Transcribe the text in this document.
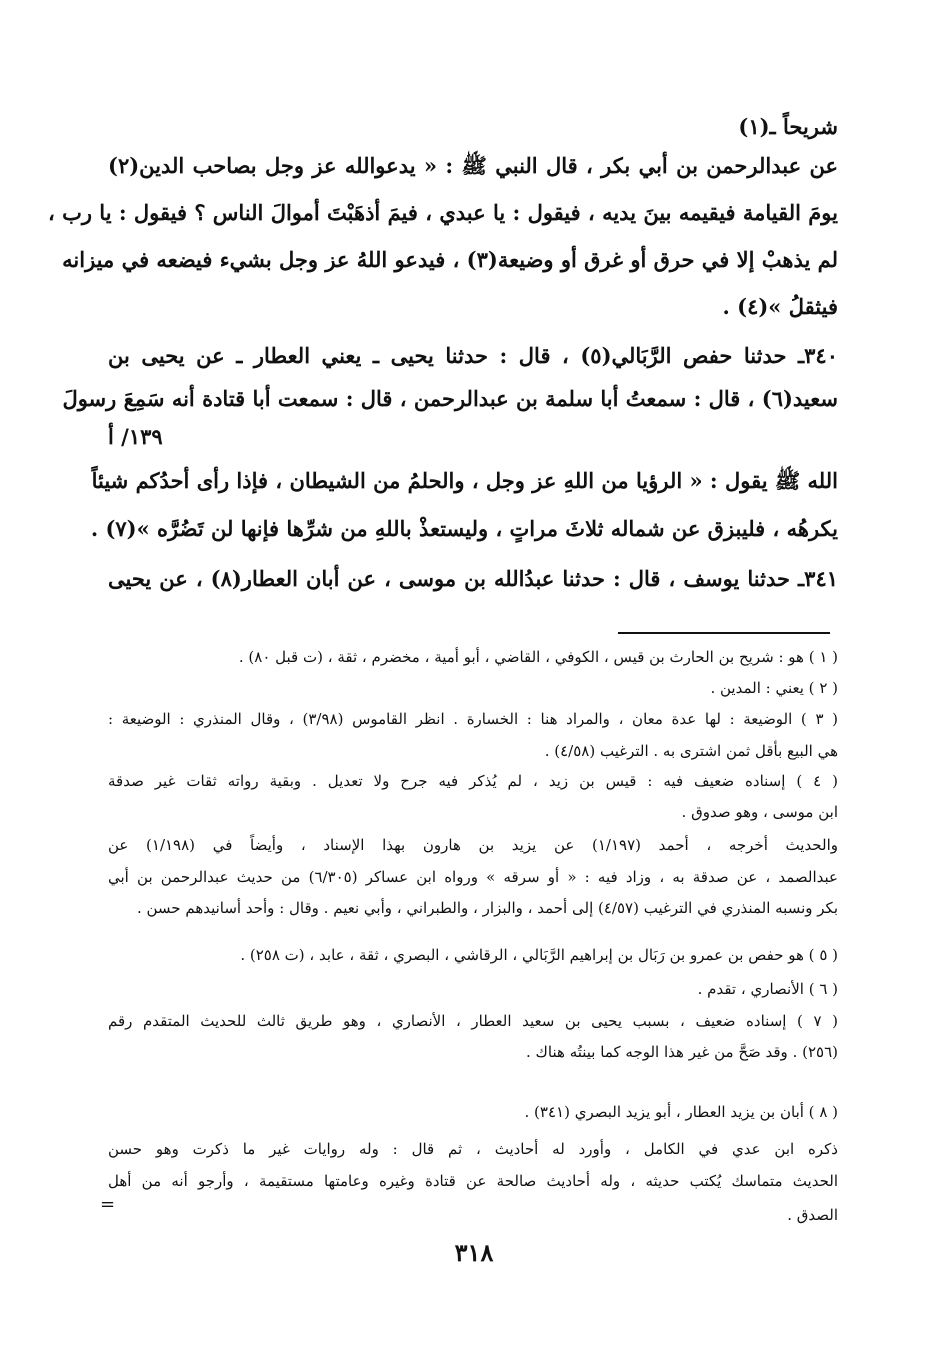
شريحاً ـ(١)
عن عبدالرحمن بن أبي بكر ، قال النبي ﷺ : « يدعوالله عز وجل بصاحب الدين(٢)
يومَ القيامة فيقيمه بينَ يديه ، فيقول : يا عبدي ، فيمَ أذهَبْتَ أموالَ الناس ؟ فيقول : يا رب ،
لم يذهبْ إلا في حرق أو غرق أو وضيعة(٣) ، فيدعو اللهُ عز وجل بشيء فيضعه في ميزانه
فيثقلُ »(٤) .
٣٤٠ـ حدثنا حفص الرَّبَالي(٥) ، قال : حدثنا يحيى ـ يعني العطار ـ عن يحيى بن
سعيد(٦) ، قال : سمعتُ أبا سلمة بن عبدالرحمن ، قال : سمعت أبا قتادة أنه سَمِعَ رسولَ
١٣٩/ أ
الله ﷺ يقول : « الرؤيا من اللهِ عز وجل ، والحلمُ من الشيطان ، فإذا رأى أحدُكم شيئاً
يكرهُه ، فليبزق عن شماله ثلاثَ مراتٍ ، وليستعذْ باللهِ من شرِّها فإنها لن تَضُرَّه »(٧) .
٣٤١ـ حدثنا يوسف ، قال : حدثنا عبدُالله بن موسى ، عن أبان العطار(٨) ، عن يحيى
( ١ ) هو : شريح بن الحارث بن قيس ، الكوفي ، القاضي ، أبو أمية ، مخضرم ، ثقة ، (ت قبل ٨٠) .
( ٢ ) يعني : المدين .
( ٣ ) الوضيعة : لها عدة معان ، والمراد هنا : الخسارة . انظر القاموس (٣/٩٨) ، وقال المنذري : الوضيعة :
هي البيع بأقل ثمن اشترى به . الترغيب (٤/٥٨) .
( ٤ ) إسناده ضعيف فيه : قيس بن زيد ، لم يُذكر فيه جرح ولا تعديل . وبقية رواته ثقات غير صدقة
ابن موسى ، وهو صدوق .
والحديث أخرجه ، أحمد (١/١٩٧) عن يزيد بن هارون بهذا الإسناد ، وأيضاً في (١/١٩٨) عن
عبدالصمد ، عن صدقة به ، وزاد فيه : « أو سرقه » ورواه ابن عساكر (٦/٣٠٥) من حديث عبدالرحمن بن أبي
بكر ونسبه المنذري في الترغيب (٤/٥٧) إلى أحمد ، والبزار ، والطبراني ، وأبي نعيم . وقال : وأحد أسانيدهم حسن .
( ٥ ) هو حفص بن عمرو بن رَبَال بن إبراهيم الرَّبَالي ، الرقاشي ، البصري ، ثقة ، عابد ، (ت ٢٥٨) .
( ٦ ) الأنصاري ، تقدم .
( ٧ ) إسناده ضعيف ، بسبب يحيى بن سعيد العطار ، الأنصاري ، وهو طريق ثالث للحديث المتقدم رقم
(٢٥٦) . وقد صَحَّ من غير هذا الوجه كما بينتُه هناك .
( ٨ ) أبان بن يزيد العطار ، أبو يزيد البصري (٣٤١) .
ذكره ابن عدي في الكامل ، وأورد له أحاديث ، ثم قال : وله روايات غير ما ذكرت وهو حسن
الحديث متماسك يُكتب حديثه ، وله أحاديث صالحة عن قتادة وغيره وعامتها مستقيمة ، وأرجو أنه من أهل
الصدق .
=
٣١٨
